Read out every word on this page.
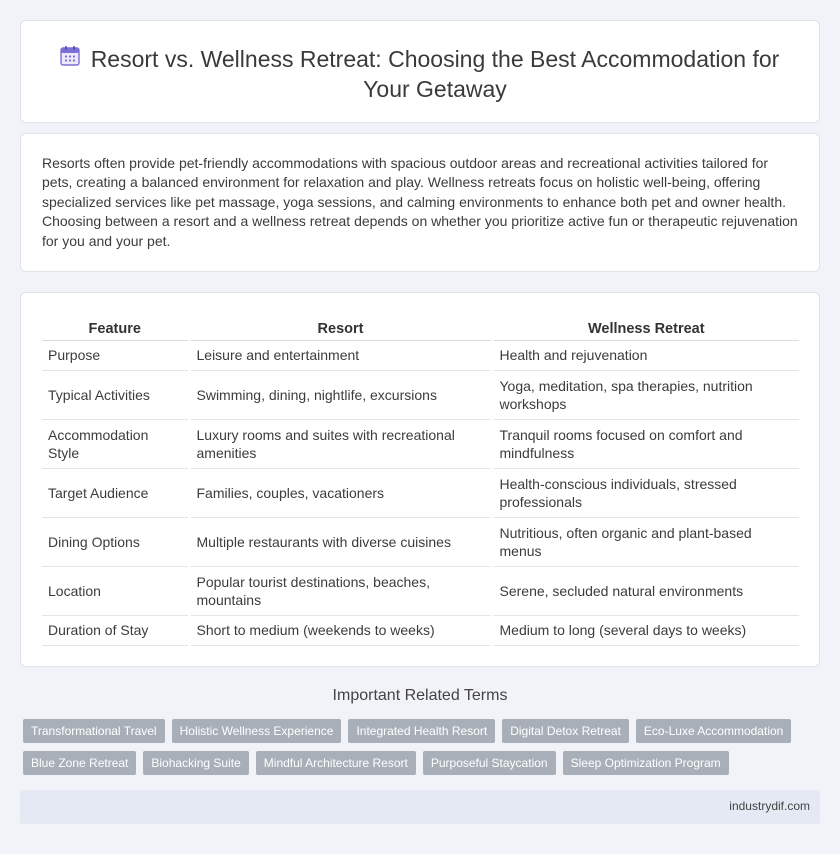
Resort vs. Wellness Retreat: Choosing the Best Accommodation for Your Getaway

Resorts often provide pet-friendly accommodations with spacious outdoor areas and recreational activities tailored for pets, creating a balanced environment for relaxation and play. Wellness retreats focus on holistic well-being, offering specialized services like pet massage, yoga sessions, and calming environments to enhance both pet and owner health. Choosing between a resort and a wellness retreat depends on whether you prioritize active fun or therapeutic rejuvenation for you and your pet.

Feature	Resort	Wellness Retreat
Purpose	Leisure and entertainment	Health and rejuvenation
Typical Activities	Swimming, dining, nightlife, excursions	Yoga, meditation, spa therapies, nutrition workshops
Accommodation Style	Luxury rooms and suites with recreational amenities	Tranquil rooms focused on comfort and mindfulness
Target Audience	Families, couples, vacationers	Health-conscious individuals, stressed professionals
Dining Options	Multiple restaurants with diverse cuisines	Nutritious, often organic and plant-based menus
Location	Popular tourist destinations, beaches, mountains	Serene, secluded natural environments
Duration of Stay	Short to medium (weekends to weeks)	Medium to long (several days to weeks)
Important Related Terms
Transformational Travel	Holistic Wellness Experience	Integrated Health Resort	Digital Detox Retreat	Eco-Luxe Accommodation
Blue Zone Retreat	Biohacking Suite	Mindful Architecture Resort	Purposeful Staycation	Sleep Optimization Program
industrydif.com
